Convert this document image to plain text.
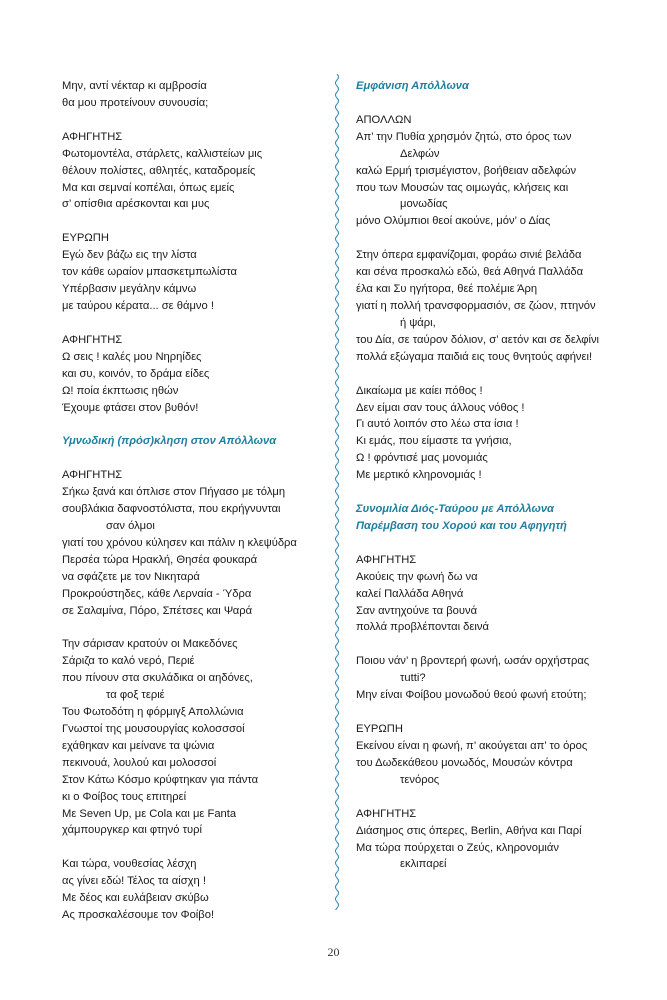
Μην, αντί νέκταρ κι αμβροσία
θα μου προτείνουν συνουσία;
ΑΦΗΓΗΤΗΣ
Φωτομοντέλα, στάρλετς, καλλιστείων μις
θέλουν πολίστες, αθλητές, καταδρομείς
Μα και σεμναί κοπέλαι, όπως εμείς
σ’ οπίσθια αρέσκονται και μυς
ΕΥΡΩΠΗ
Εγώ δεν βάζω εις την λίστα
τον κάθε ωραίον μπασκετμπωλίστα
Υπέρβασιν μεγάλην κάμνω
με ταύρου κέρατα... σε θάμνο !
ΑΦΗΓΗΤΗΣ
Ω σεις ! καλές μου Νηρηίδες
και συ, κοινόν, το δράμα είδες
Ω! ποία έκπτωσις ηθών
Έχουμε φτάσει στον βυθόν!
Υμνωδική (πρόσ)κληση στον Απόλλωνα
ΑΦΗΓΗΤΗΣ
Σήκω ξανά και όπλισε στον Πήγασο με τόλμη
σουβλάκια δαφνοστόλιστα, που εκρήγνυνται
σαν όλμοι
γιατί του χρόνου κύλησεν και πάλιν η κλεψύδρα
Περσέα τώρα Ηρακλή, Θησέα φουκαρά
να σφάζετε με τον Νικηταρά
Προκρούστηδες, κάθε Λερναία - Ύδρα
σε Σαλαμίνα, Πόρο, Σπέτσες και Ψαρά
Την σάρισαν κρατούν οι Μακεδόνες
Σάριζα το καλό νερό, Περιέ
που πίνουν στα σκυλάδικα οι αηδόνες,
τα φοξ τεριέ
Του Φωτοδότη η φόρμιγξ Απολλώνια
Γνωστοί της μουσουργίας κολοσσσοί
εχάθηκαν και μείνανε τα ψώνια
πεκινουά, λουλού και μολοσσοί
Στον Κάτω Κόσμο κρύφτηκαν για πάντα
κι ο Φοίβος τους επιτηρεί
Με Seven Up, με Cola και με Fanta
χάμπουργκερ και φτηνό τυρί
Και τώρα, νουθεσίας λέσχη
ας γίνει εδώ! Τέλος τα αίσχη !
Με δέος και ευλάβειαν σκύβω
Ας προσκαλέσουμε τον Φοίβο!
Εμφάνιση Απόλλωνα
ΑΠΟΛΛΩΝ
Απ’ την Πυθία χρησμόν ζητώ, στο όρος των
Δελφών
καλώ Ερμή τρισμέγιστον, βοήθειαν αδελφών
που των Μουσών τας οιμωγάς, κλήσεις και
μονωδίας
μόνο Ολύμπιοι θεοί ακούνε, μόν’ ο Δίας
Στην όπερα εμφανίζομαι, φοράω σινιέ βελάδα
και σένα προσκαλώ εδώ, θεά Αθηνά Παλλάδα
έλα και Συ ηγήτορα, θεέ πολέμιε Άρη
γιατί η πολλή τρανσφορμασιόν, σε ζώον, πτηνόν
ή ψάρι,
του Δία, σε ταύρον δόλιον, σ’ αετόν και σε δελφίνι
πολλά εξώγαμα παιδιά εις τους θνητούς αφήνει!
Δικαίωμα με καίει πόθος !
Δεν είμαι σαν τους άλλους νόθος !
Γι αυτό λοιπόν στο λέω στα ίσια !
Κι εμάς, που είμαστε τα γνήσια,
Ω ! φρόντισέ μας μονομιάς
Με μερτικό κληρονομιάς !
Συνομιλία Διός-Ταύρου με Απόλλωνα
Παρέμβαση του Χορού και του Αφηγητή
ΑΦΗΓΗΤΗΣ
Ακούεις την φωνή δω να
καλεί Παλλάδα Αθηνά
Σαν αντηχούνε τα βουνά
πολλά προβλέπονται δεινά
Ποιου νάν’ η βροντερή φωνή, ωσάν ορχήστρας
τutti?
Μην είναι Φοίβου μονωδού θεού φωνή ετούτη;
ΕΥΡΩΠΗ
Εκείνου είναι η φωνή, π’ ακούγεται απ’ το όρος
του Δωδεκάθεου μονωδός, Μουσών κόντρα
τενόρος
ΑΦΗΓΗΤΗΣ
Διάσημος στις όπερες, Berlin, Αθήνα και Παρί
Μα τώρα πούρχεται ο Ζεύς, κληρονομιάν
εκλιπαρεί
20
